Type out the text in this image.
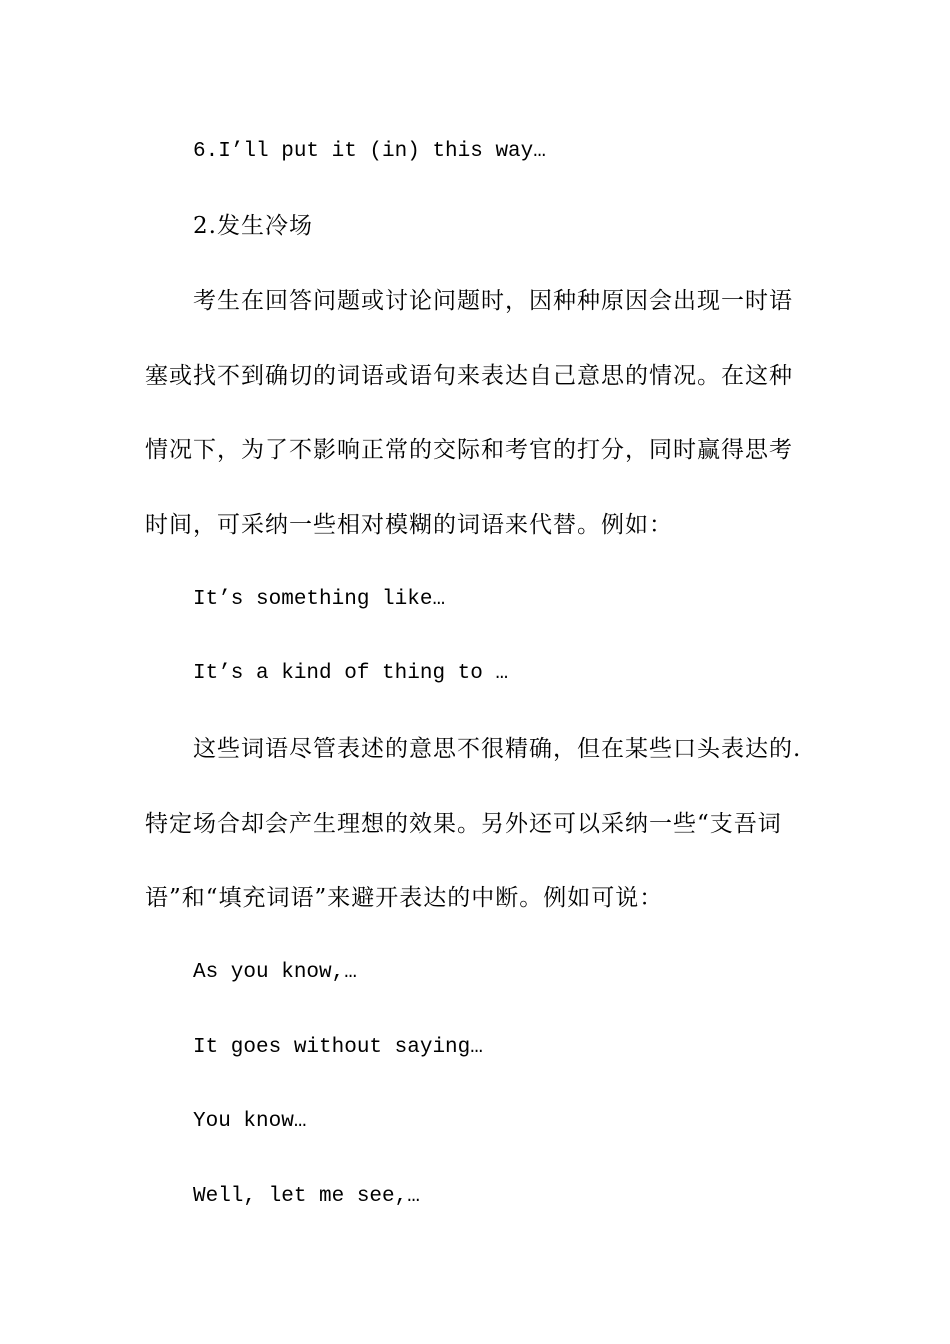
6.I’ll put it (in) this way…
2.发生冷场
考生在回答问题或讨论问题时，因种种原因会出现一时语
塞或找不到确切的词语或语句来表达自己意思的情况。在这种
情况下，为了不影响正常的交际和考官的打分，同时赢得思考
时间，可采纳一些相对模糊的词语来代替。例如：
It’s something like…
It’s a kind of thing to …
这些词语尽管表述的意思不很精确，但在某些口头表达的.
特定场合却会产生理想的效果。另外还可以采纳一些“支吾词
语”和“填充词语”来避开表达的中断。例如可说：
As you know,…
It goes without saying…
You know…
Well, let me see,…
